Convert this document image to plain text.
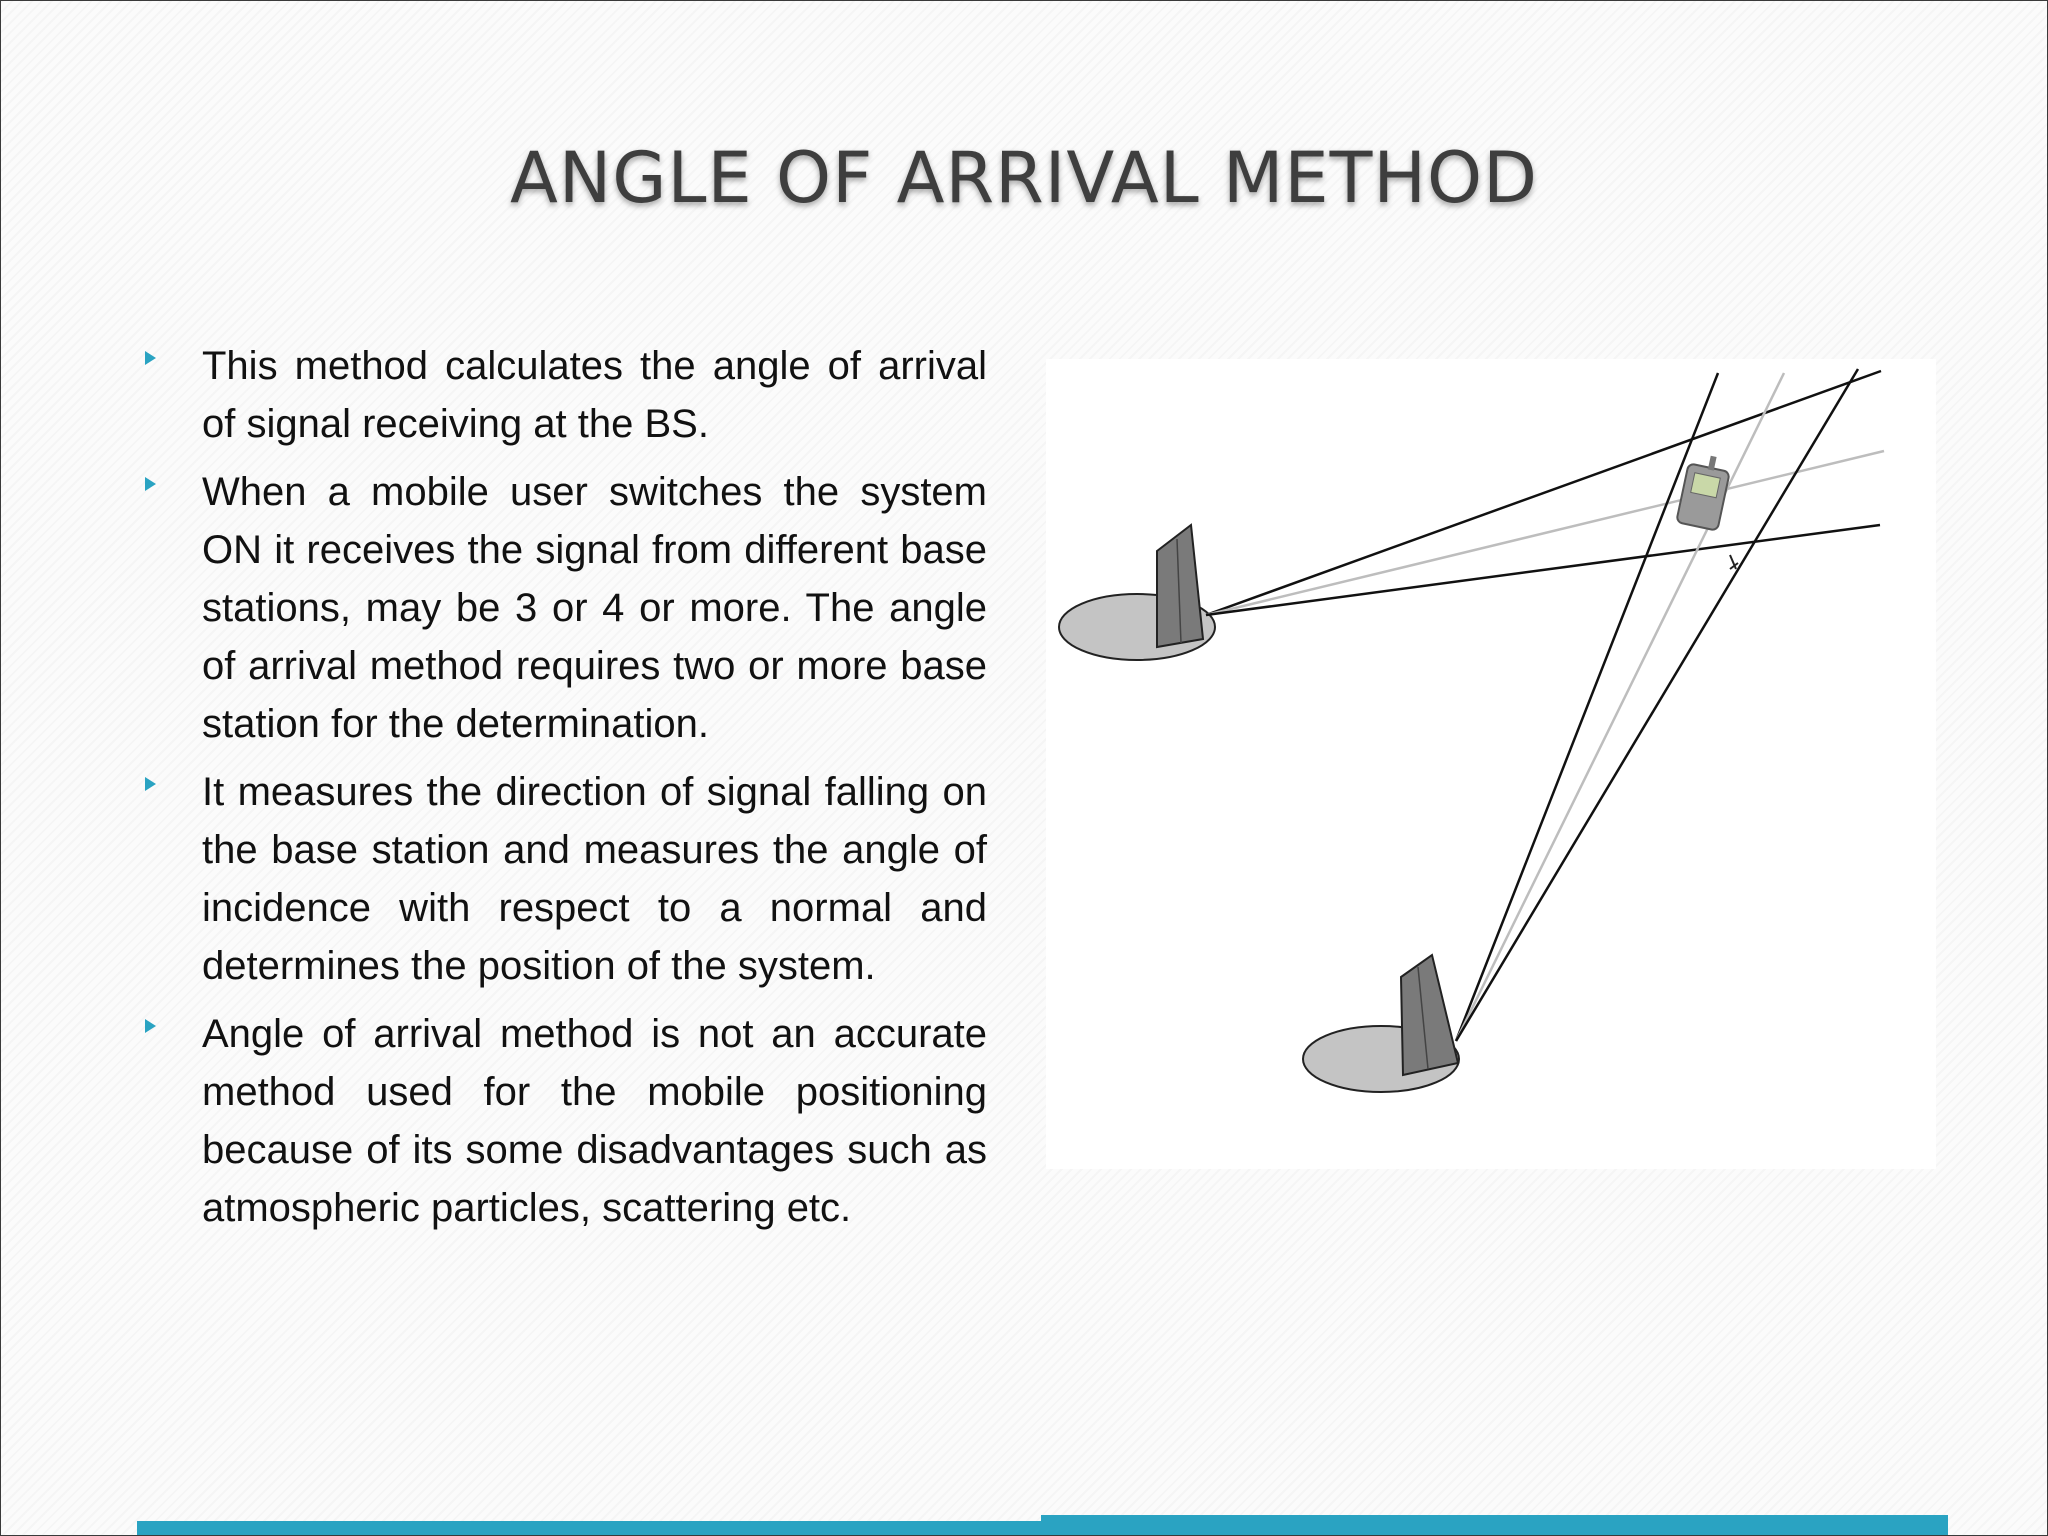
ANGLE OF ARRIVAL METHOD
This method calculates the angle of arrival of signal receiving at the BS.
When a mobile user switches the system ON it receives the signal from different base stations, may be 3 or 4 or more. The angle of arrival method requires two or more base station for the determination.
It measures the direction of signal falling on the base station and measures the angle of incidence with respect to a normal and determines the position of the system.
Angle of arrival method is not an accurate method used for the mobile positioning because of its some disadvantages such as atmospheric particles, scattering etc.
